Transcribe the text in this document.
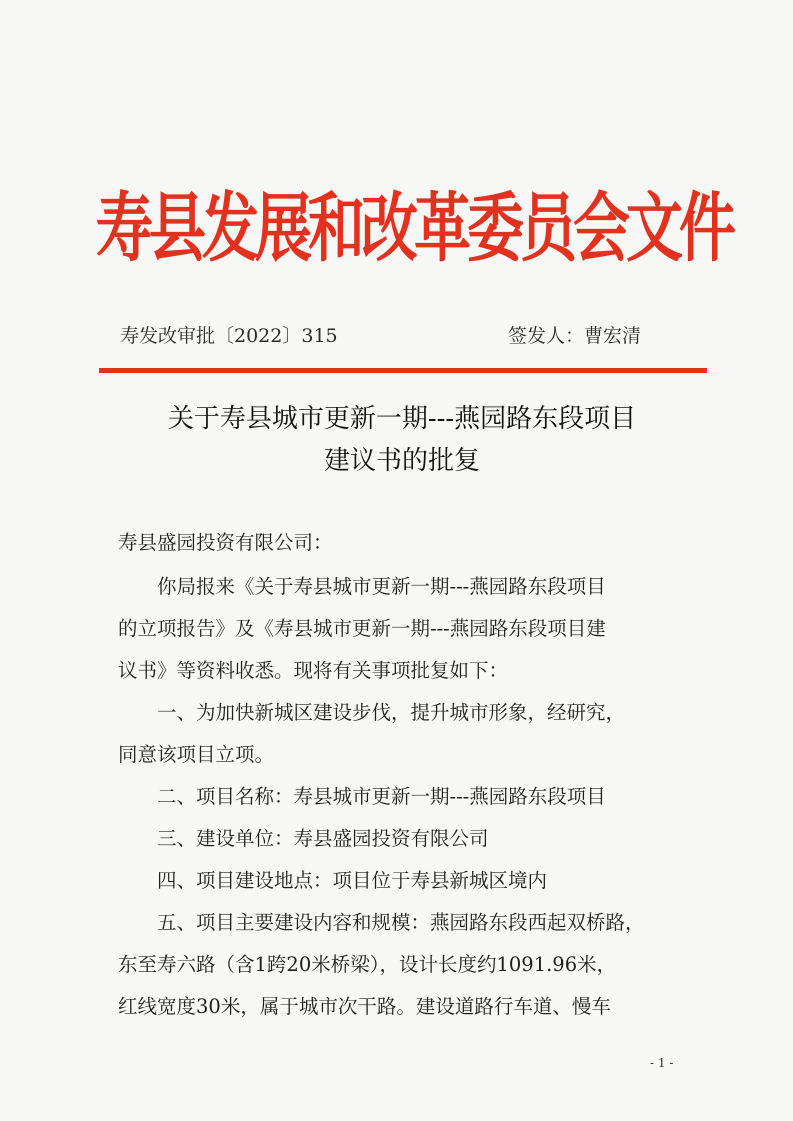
寿县发展和改革委员会文件
寿发改审批〔2022〕315	签发人：曹宏清
关于寿县城市更新一期---燕园路东段项目
建议书的批复
寿县盛园投资有限公司：
　　你局报来《关于寿县城市更新一期---燕园路东段项目
的立项报告》及《寿县城市更新一期---燕园路东段项目建
议书》等资料收悉。现将有关事项批复如下：
　　一、为加快新城区建设步伐，提升城市形象，经研究，
同意该项目立项。
　　二、项目名称：寿县城市更新一期---燕园路东段项目
　　三、建设单位：寿县盛园投资有限公司
　　四、项目建设地点：项目位于寿县新城区境内
　　五、项目主要建设内容和规模：燕园路东段西起双桥路，
东至寿六路（含1跨20米桥梁），设计长度约1091.96米，
红线宽度30米，属于城市次干路。建设道路行车道、慢车
- 1 -
